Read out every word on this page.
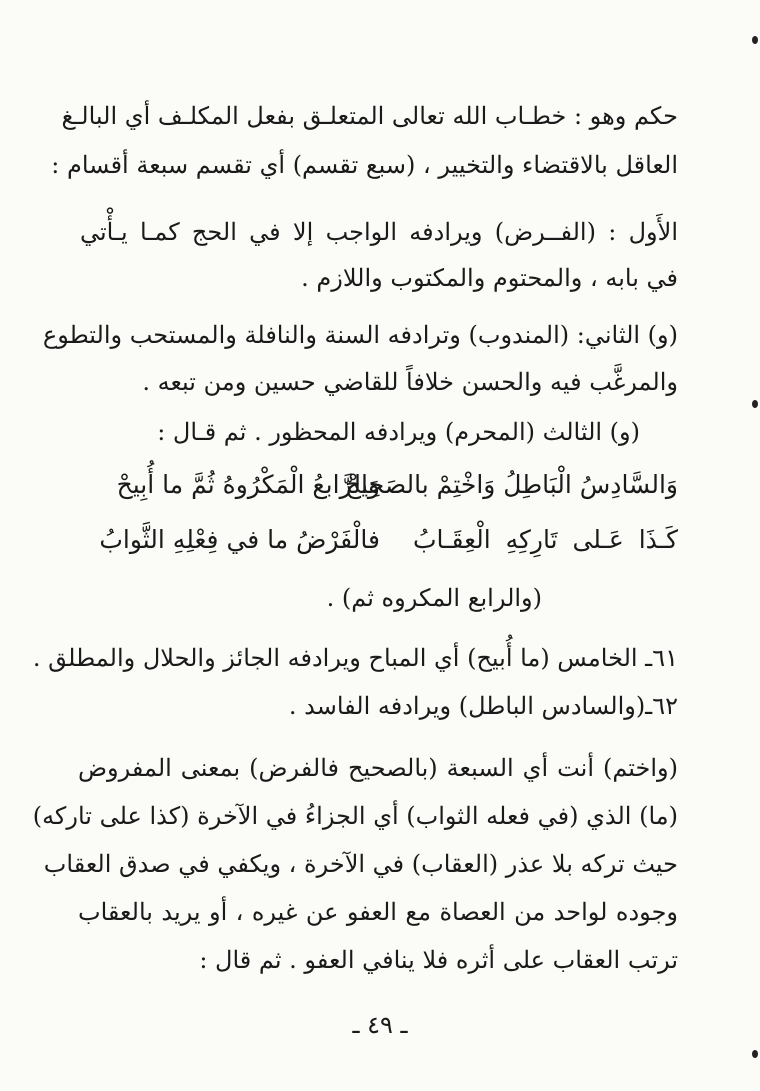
حكم وهو : خطـاب الله تعالى المتعلـق بفعل المكلـف أي البالـغ
العاقل بالاقتضاء والتخيير ، (سبع تقسم) أي تقسم سبعة أقسام :
الأَول : (الفــرض) ويرادفه الواجب إلا في الحج كمـا يـأْتي
في بابه ، والمحتوم والمكتوب واللازم .
(و) الثاني: (المندوب) وترادفه السنة والنافلة والمستحب والتطوع
والمرغَّب فيه والحسن خلافاً للقاضي حسين ومن تبعه .
(و) الثالث (المحرم) ويرادفه المحظور . ثم قـال :
وَالرَّابعُ الْمَكْرُوهُ ثُمَّ ما أُبِيحْ
وَالسَّادِسُ الْبَاطِلُ وَاخْتِمْ بالصَحِيحْ
فالْفَرْضُ ما في فِعْلِهِ الثَّوابُ كَـذَا عَـلى تَارِكِهِ الْعِقَـابُ
(والرابع المكروه ثم) .
٦١ـ الخامس (ما أُبيح) أي المباح ويرادفه الجائز والحلال والمطلق .
٦٢ـ(والسادس الباطل) ويرادفه الفاسد .
(واختم) أنت أي السبعة (بالصحيح فالفرض) بمعنى المفروض
(ما) الذي (في فعله الثواب) أي الجزاءُ في الآخرة (كذا على تاركه)
حيث تركه بلا عذر (العقاب) في الآخرة ، ويكفي في صدق العقاب
وجوده لواحد من العصاة مع العفو عن غيره ، أو يريد بالعقاب
ترتب العقاب على أثره فلا ينافي العفو . ثم قال :
ـ ٤٩ ـ
